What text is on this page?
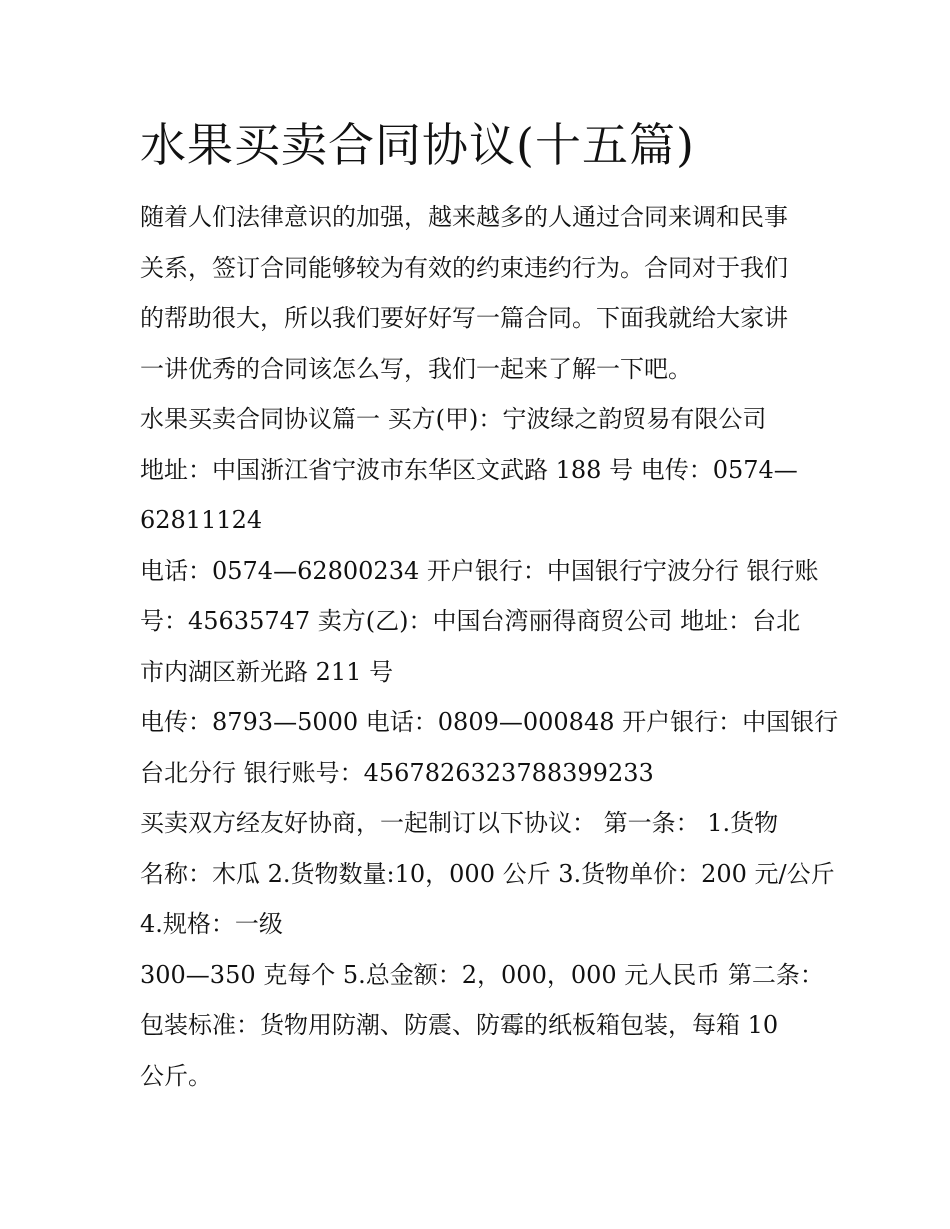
水果买卖合同协议(十五篇)
随着人们法律意识的加强，越来越多的人通过合同来调和民事
关系，签订合同能够较为有效的约束违约行为。合同对于我们
的帮助很大，所以我们要好好写一篇合同。下面我就给大家讲
一讲优秀的合同该怎么写，我们一起来了解一下吧。
水果买卖合同协议篇一 买方(甲)：宁波绿之韵贸易有限公司
地址：中国浙江省宁波市东华区文武路 188 号 电传：0574—
62811124
电话：0574—62800234 开户银行：中国银行宁波分行 银行账
号：45635747 卖方(乙)：中国台湾丽得商贸公司 地址：台北
市内湖区新光路 211 号
电传：8793—5000 电话：0809—000848 开户银行：中国银行
台北分行 银行账号：4567826323788399233
买卖双方经友好协商，一起制订以下协议： 第一条： 1.货物
名称：木瓜 2.货物数量:10，000 公斤 3.货物单价：200 元/公斤
4.规格：一级
300—350 克每个 5.总金额：2，000，000 元人民币 第二条：
包装标准：货物用防潮、防震、防霉的纸板箱包装，每箱 10
公斤。
